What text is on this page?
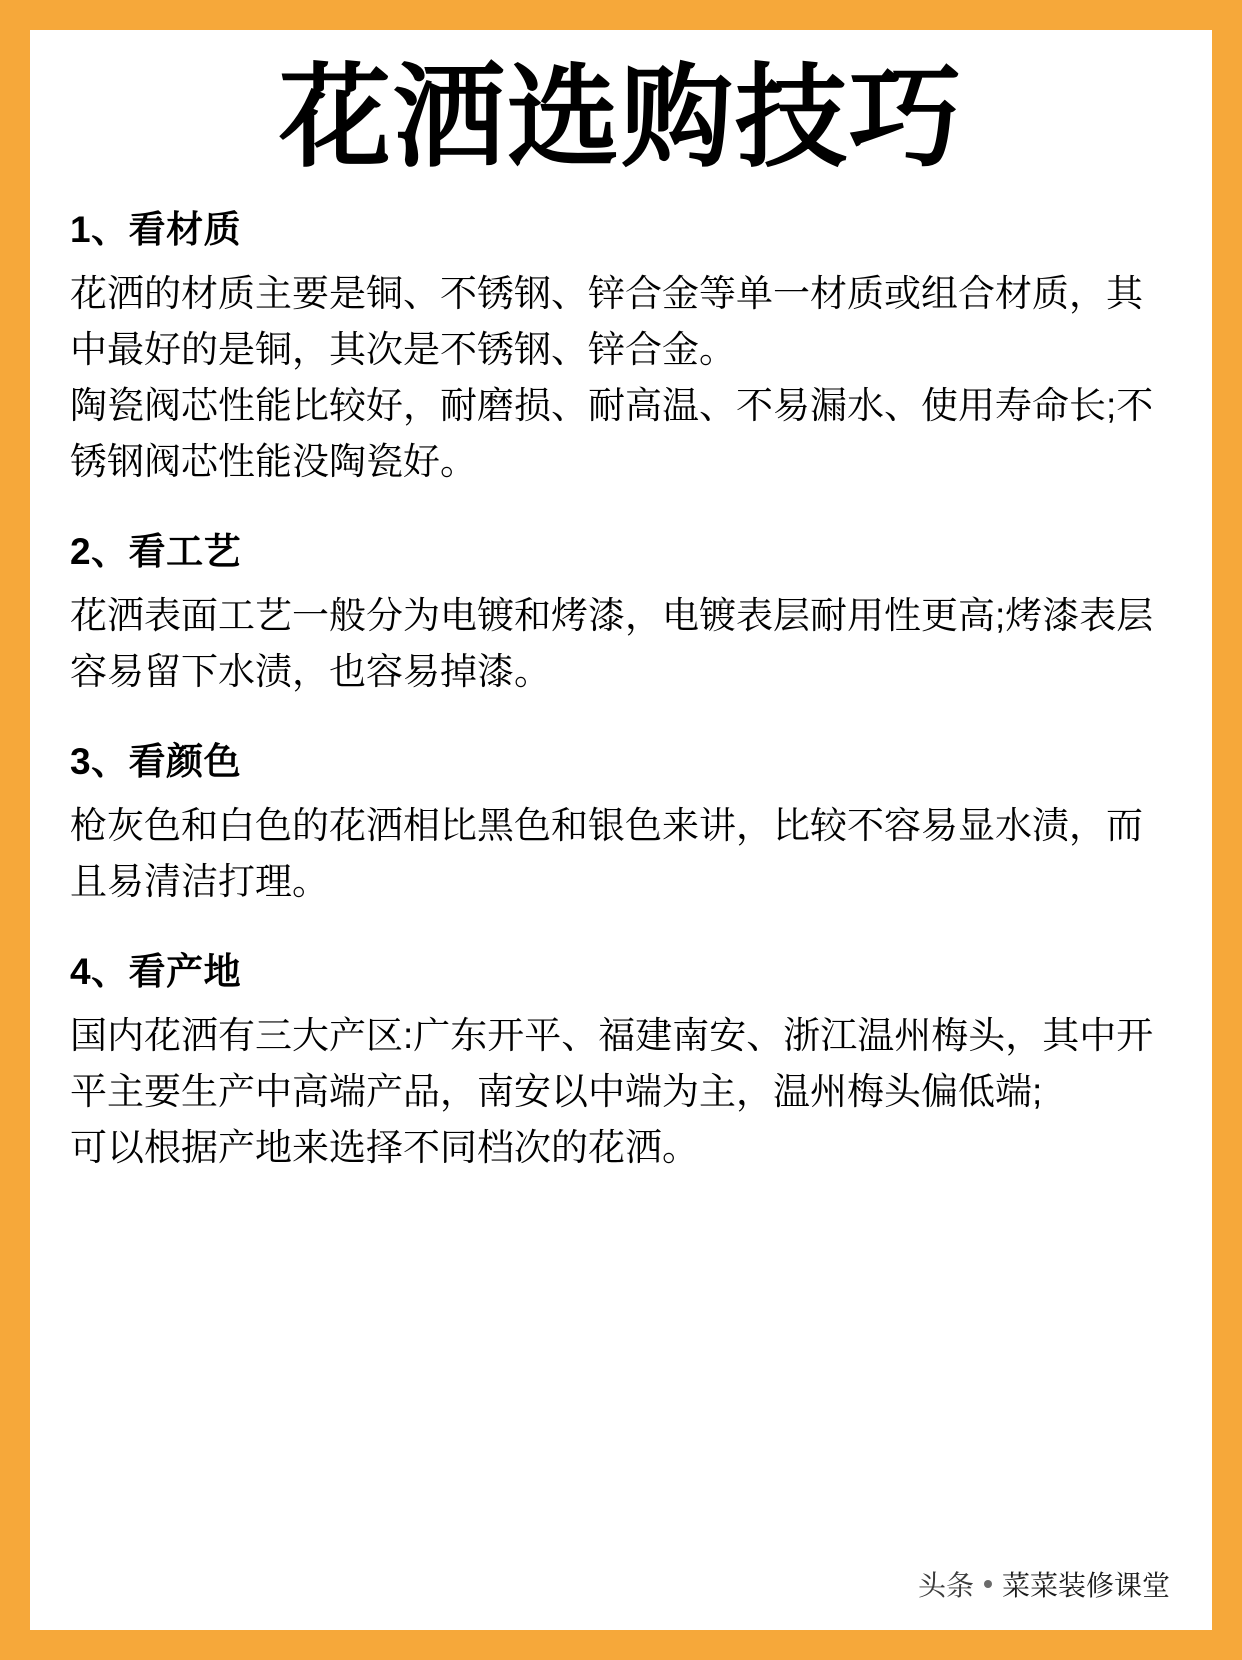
花洒选购技巧
1、看材质

花洒的材质主要是铜、不锈钢、锌合金等单一材质或组合材质，其中最好的是铜，其次是不锈钢、锌合金。

陶瓷阀芯性能比较好，耐磨损、耐高温、不易漏水、使用寿命长;不锈钢阀芯性能没陶瓷好。

2、看工艺

花洒表面工艺一般分为电镀和烤漆，电镀表层耐用性更高;烤漆表层容易留下水渍，也容易掉漆。

3、看颜色

枪灰色和白色的花洒相比黑色和银色来讲，比较不容易显水渍，而且易清洁打理。

4、看产地

国内花洒有三大产区:广东开平、福建南安、浙江温州梅头，其中开平主要生产中高端产品，南安以中端为主，温州梅头偏低端;

可以根据产地来选择不同档次的花洒。

头条 菜菜装修课堂
